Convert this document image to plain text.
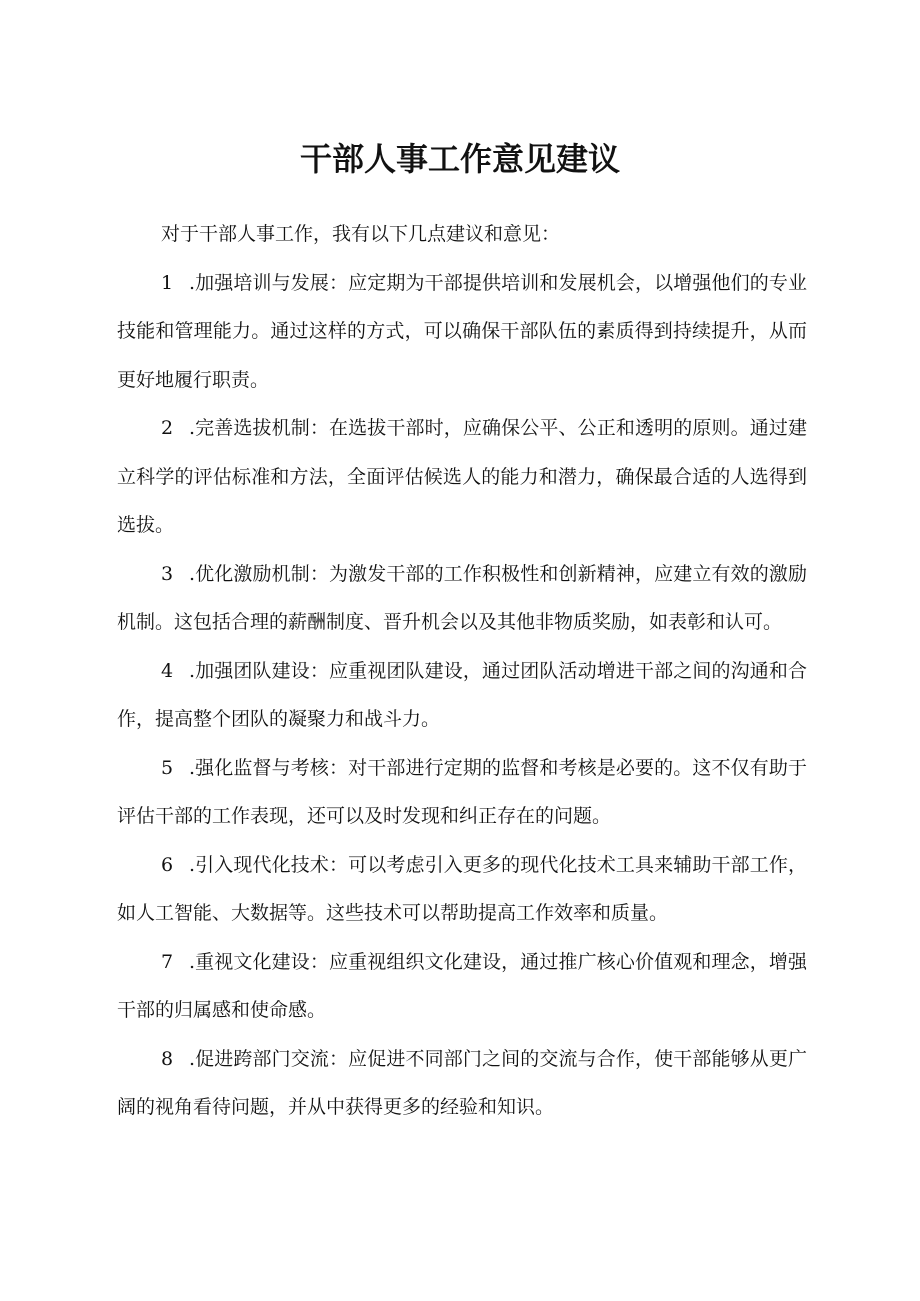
干部人事工作意见建议

对于干部人事工作，我有以下几点建议和意见：

1 .加强培训与发展：应定期为干部提供培训和发展机会，以增强他们的专业技能和管理能力。通过这样的方式，可以确保干部队伍的素质得到持续提升，从而更好地履行职责。

2 .完善选拔机制：在选拔干部时，应确保公平、公正和透明的原则。通过建立科学的评估标准和方法，全面评估候选人的能力和潜力，确保最合适的人选得到选拔。

3 .优化激励机制：为激发干部的工作积极性和创新精神，应建立有效的激励机制。这包括合理的薪酬制度、晋升机会以及其他非物质奖励，如表彰和认可。

4 .加强团队建设：应重视团队建设，通过团队活动增进干部之间的沟通和合作，提高整个团队的凝聚力和战斗力。

5 .强化监督与考核：对干部进行定期的监督和考核是必要的。这不仅有助于评估干部的工作表现，还可以及时发现和纠正存在的问题。

6 .引入现代化技术：可以考虑引入更多的现代化技术工具来辅助干部工作，如人工智能、大数据等。这些技术可以帮助提高工作效率和质量。

7 .重视文化建设：应重视组织文化建设，通过推广核心价值观和理念，增强干部的归属感和使命感。

8 .促进跨部门交流：应促进不同部门之间的交流与合作，使干部能够从更广阔的视角看待问题，并从中获得更多的经验和知识。
